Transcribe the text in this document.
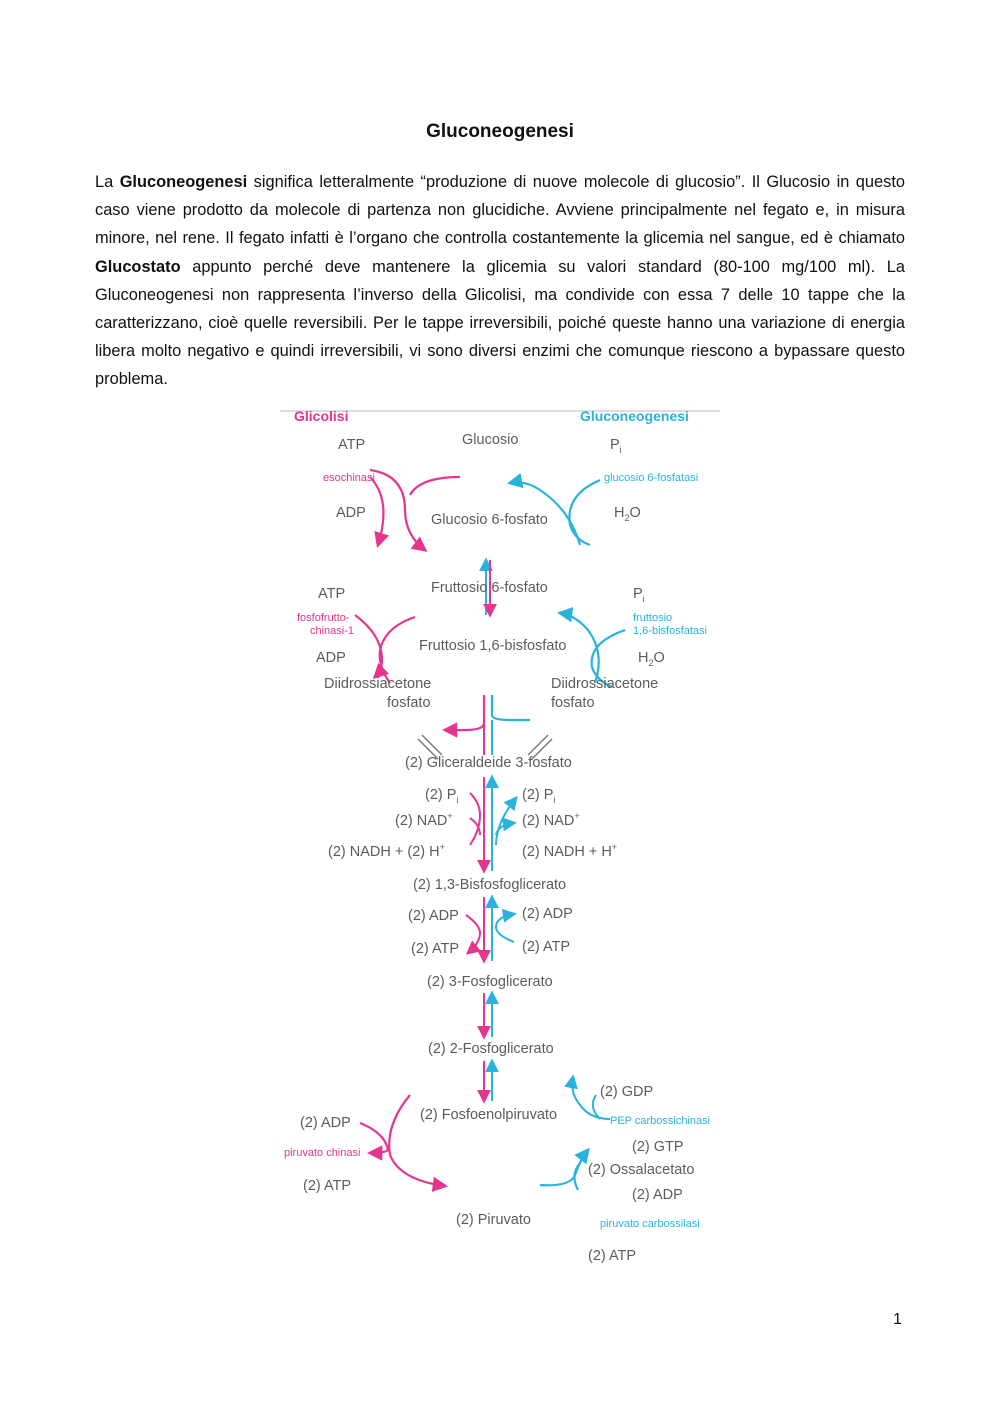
Gluconeogenesi
La Gluconeogenesi significa letteralmente “produzione di nuove molecole di glucosio”. Il Glucosio in questo caso viene prodotto da molecole di partenza non glucidiche. Avviene principalmente nel fegato e, in misura minore, nel rene. Il fegato infatti è l’organo che controlla costantemente la glicemia nel sangue, ed è chiamato Glucostato appunto perché deve mantenere la glicemia su valori standard (80-100 mg/100 ml). La Gluconeogenesi non rappresenta l’inverso della Glicolisi, ma condivide con essa 7 delle 10 tappe che la caratterizzano, cioè quelle reversibili. Per le tappe irreversibili, poiché queste hanno una variazione di energia libera molto negativo e quindi irreversibili, vi sono diversi enzimi che comunque riescono a bypassare questo problema.
Glicolisi	Gluconeogenesi
Glucosio
ATP	$P_i$
esochinasi	glucosio 6-fosfatasi
ADP	$H_2O$
Glucosio 6-fosfato
Fruttosio 6-fosfato
ATP	$P_i$
fosfofrutto-
chinasi-1
fruttosio
1,6-bisfosfatasi
ADP	$H_2O$
Fruttosio 1,6-bisfosfato
Diidrossiacetone
fosfato
Diidrossiacetone
fosfato
(2) Gliceraldeide 3-fosfato
(2) $P_i$
(2) NAD+
(2) NADH + (2) H+
(2) $P_i$
(2) NAD+
(2) NADH + H+
(2) 1,3-Bisfosfoglicerato
(2) ADP
(2) ATP
(2) ADP
(2) ATP
(2) 3-Fosfoglicerato
(2) 2-Fosfoglicerato
(2) Fosfoenolpiruvato
(2) GDP
PEP carbossichinasi
(2) GTP
(2) ADP
piruvato chinasi
(2) ATP
(2) Ossalacetato
(2) ADP
piruvato carbossilasi
(2) ATP
(2) Piruvato
1
